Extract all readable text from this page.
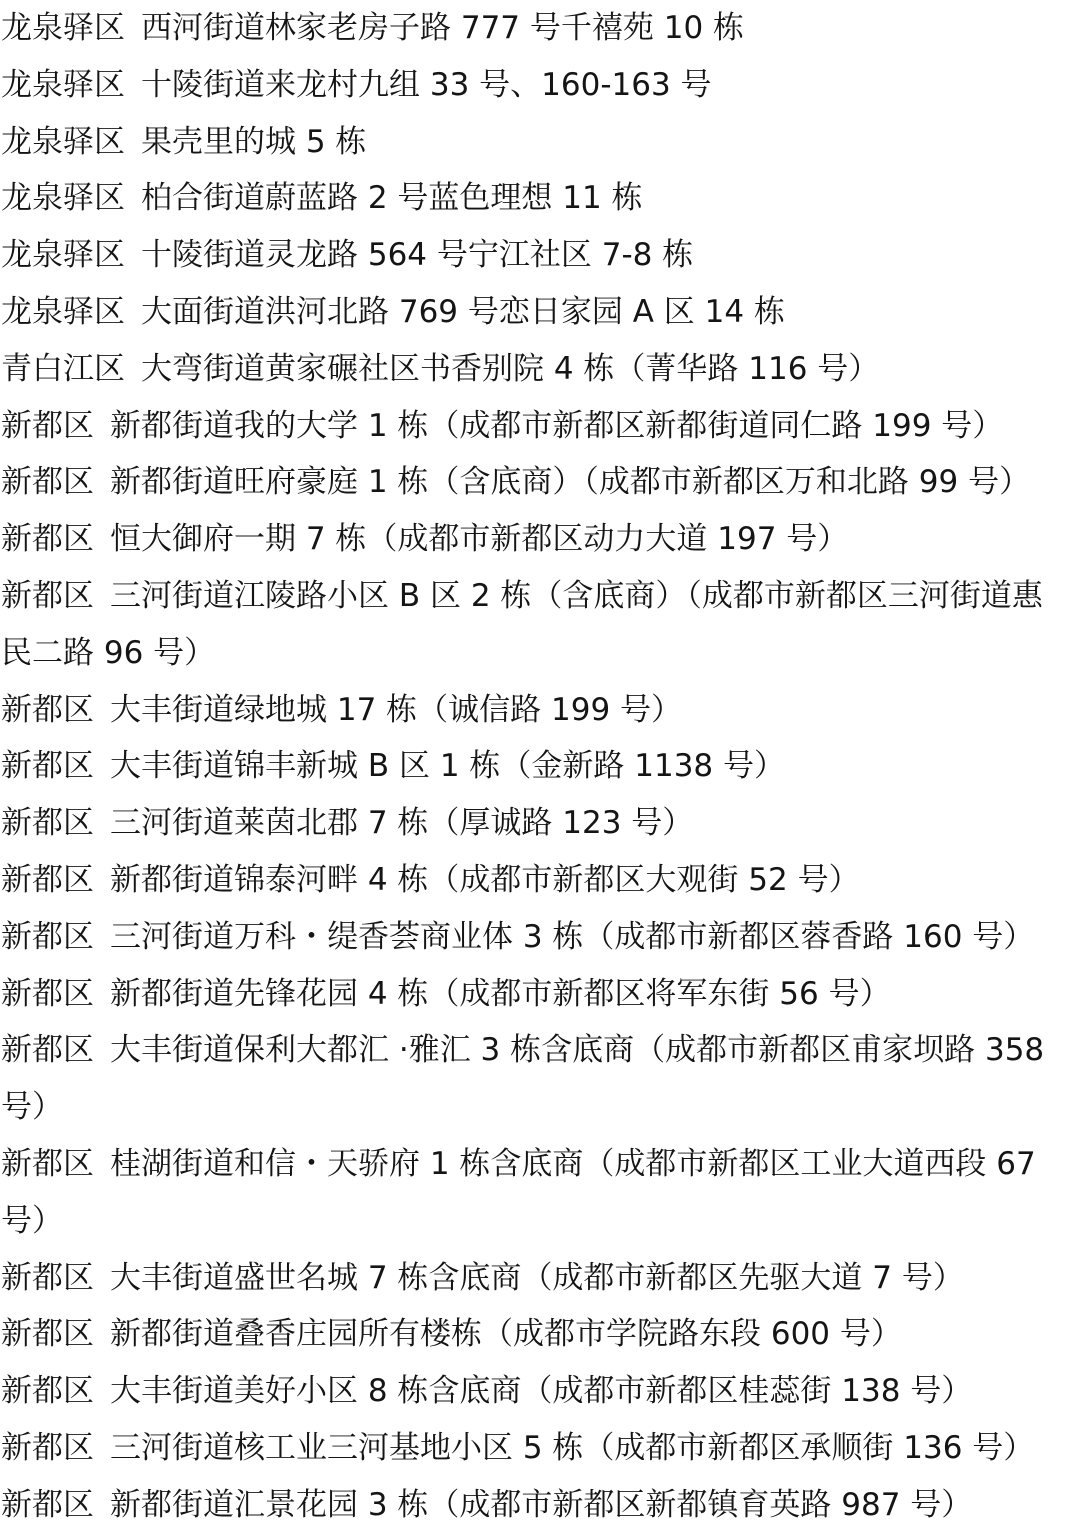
龙泉驿区 西河街道林家老房子路 777 号千禧苑 10 栋
龙泉驿区 十陵街道来龙村九组 33 号、160-163 号
龙泉驿区 果壳里的城 5 栋
龙泉驿区 柏合街道蔚蓝路 2 号蓝色理想 11 栋
龙泉驿区 十陵街道灵龙路 564 号宁江社区 7-8 栋
龙泉驿区 大面街道洪河北路 769 号恋日家园 A 区 14 栋
青白江区 大弯街道黄家碾社区书香别院 4 栋（菁华路 116 号）
新都区 新都街道我的大学 1 栋（成都市新都区新都街道同仁路 199 号）
新都区 新都街道旺府豪庭 1 栋（含底商）（成都市新都区万和北路 99 号）
新都区 恒大御府一期 7 栋（成都市新都区动力大道 197 号）
新都区 三河街道江陵路小区 B 区 2 栋（含底商）（成都市新都区三河街道惠
民二路 96 号）
新都区 大丰街道绿地城 17 栋（诚信路 199 号）
新都区 大丰街道锦丰新城 B 区 1 栋（金新路 1138 号）
新都区 三河街道莱茵北郡 7 栋（厚诚路 123 号）
新都区 新都街道锦泰河畔 4 栋（成都市新都区大观街 52 号）
新都区 三河街道万科・缇香荟商业体 3 栋（成都市新都区蓉香路 160 号）
新都区 新都街道先锋花园 4 栋（成都市新都区将军东街 56 号）
新都区 大丰街道保利大都汇 ·雅汇 3 栋含底商（成都市新都区甫家坝路 358
号）
新都区 桂湖街道和信・天骄府 1 栋含底商（成都市新都区工业大道西段 67
号）
新都区 大丰街道盛世名城 7 栋含底商（成都市新都区先驱大道 7 号）
新都区 新都街道叠香庄园所有楼栋（成都市学院路东段 600 号）
新都区 大丰街道美好小区 8 栋含底商（成都市新都区桂蕊街 138 号）
新都区 三河街道核工业三河基地小区 5 栋（成都市新都区承顺街 136 号）
新都区 新都街道汇景花园 3 栋（成都市新都区新都镇育英路 987 号）
